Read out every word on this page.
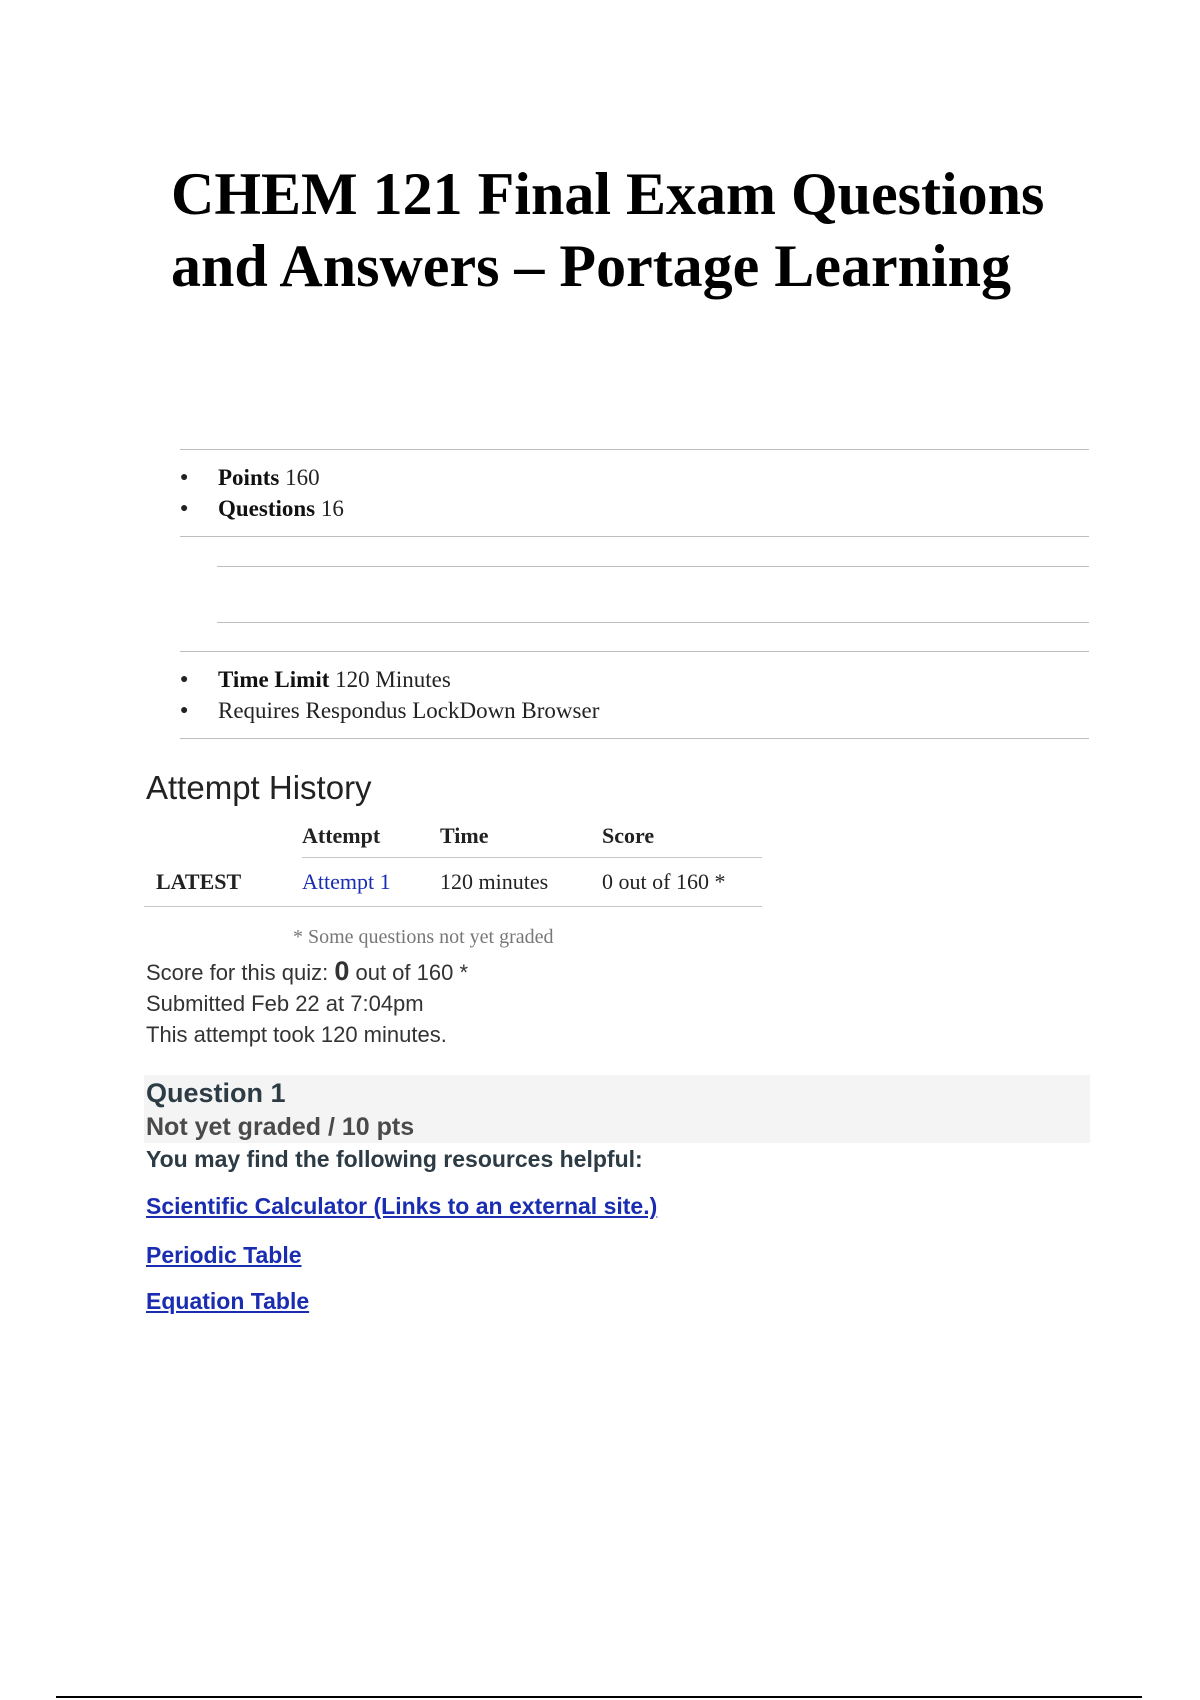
CHEM 121 Final Exam Questions
and Answers – Portage Learning
● Points 160
● Questions 16
● Time Limit 120 Minutes
● Requires Respondus LockDown Browser
Attempt History
	Attempt	Time	Score
LATEST	Attempt 1	120 minutes	0 out of 160 *
* Some questions not yet graded
Score for this quiz: 0 out of 160 *
Submitted Feb 22 at 7:04pm
This attempt took 120 minutes.
Question 1
Not yet graded / 10 pts
You may find the following resources helpful:
Scientific Calculator (Links to an external site.)
Periodic Table
Equation Table
